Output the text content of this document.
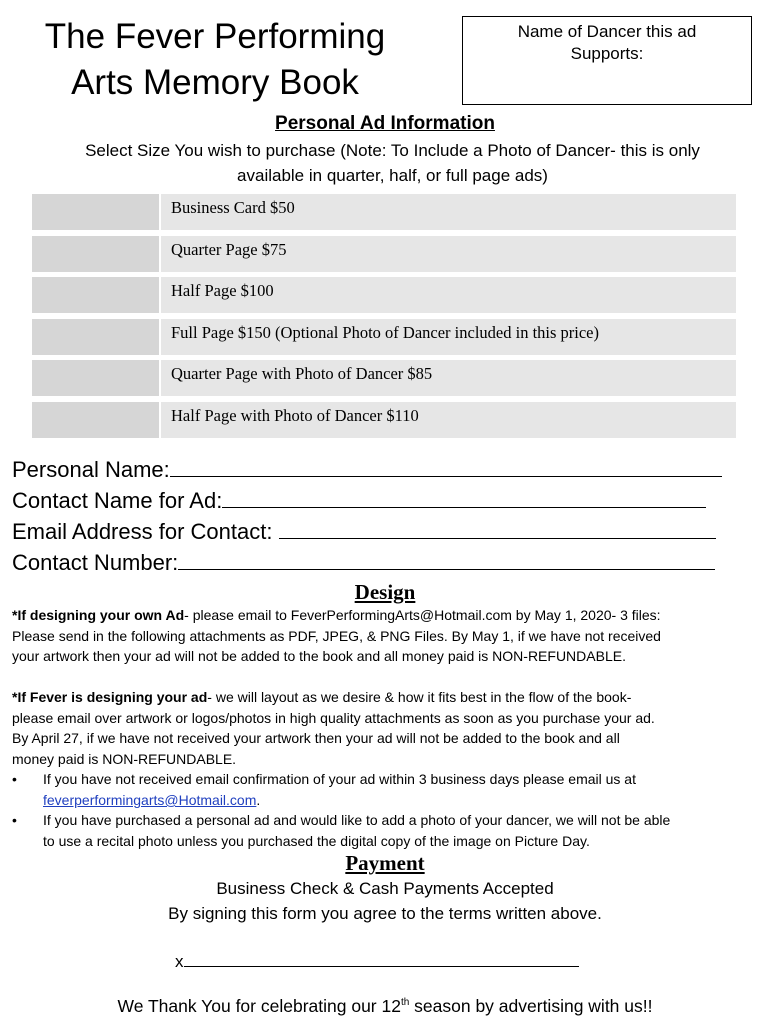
The Fever Performing
Arts Memory Book
Name of Dancer this ad
Supports:
Personal Ad Information
Select Size You wish to purchase (Note: To Include a Photo of Dancer- this is only
available in quarter, half, or full page ads)
Business Card $50
Quarter Page $75
Half Page $100
Full Page $150 (Optional Photo of Dancer included in this price)
Quarter Page with Photo of Dancer $85
Half Page with Photo of Dancer $110
Personal Name:
Contact Name for Ad:
Email Address for Contact:
Contact Number:
Design
*If designing your own Ad- please email to FeverPerformingArts@Hotmail.com by May 1, 2020- 3 files:
Please send in the following attachments as PDF, JPEG, & PNG Files. By May 1, if we have not received
your artwork then your ad will not be added to the book and all money paid is NON-REFUNDABLE.
*If Fever is designing your ad- we will layout as we desire & how it fits best in the flow of the book-
please email over artwork or logos/photos in high quality attachments as soon as you purchase your ad.
By April 27, if we have not received your artwork then your ad will not be added to the book and all
money paid is NON-REFUNDABLE.
• If you have not received email confirmation of your ad within 3 business days please email us at
feverperformingarts@Hotmail.com.
• If you have purchased a personal ad and would like to add a photo of your dancer, we will not be able
to use a recital photo unless you purchased the digital copy of the image on Picture Day.
Payment
Business Check & Cash Payments Accepted
By signing this form you agree to the terms written above.
x
We Thank You for celebrating our 12th season by advertising with us!!
